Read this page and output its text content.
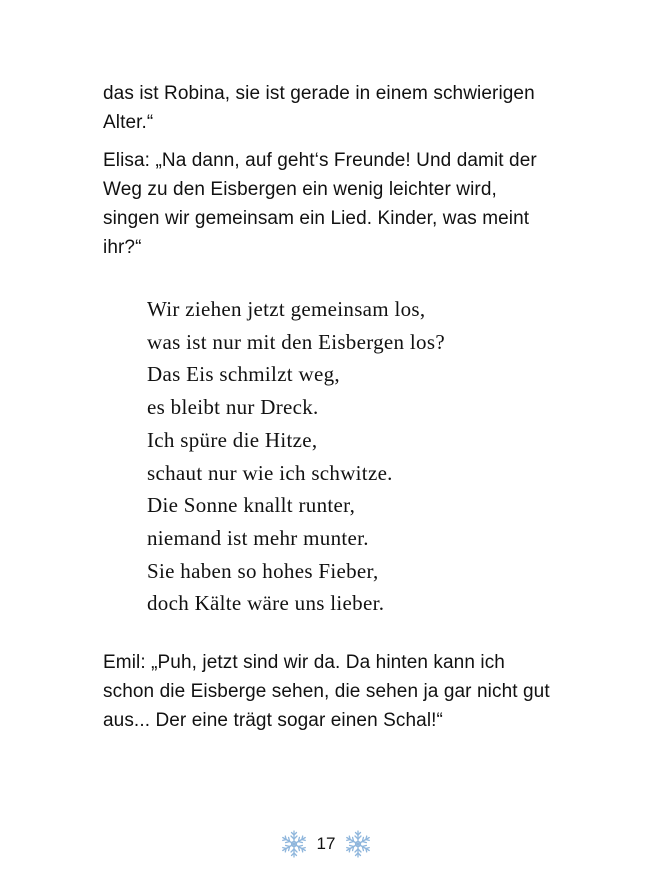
das ist Robina, sie ist gerade in einem schwierigen
Alter.“
Elisa: „Na dann, auf geht‘s Freunde! Und damit der
Weg zu den Eisbergen ein wenig leichter wird,
singen wir gemeinsam ein Lied. Kinder, was meint
ihr?“
Wir ziehen jetzt gemeinsam los,
was ist nur mit den Eisbergen los?
Das Eis schmilzt weg,
es bleibt nur Dreck.
Ich spüre die Hitze,
schaut nur wie ich schwitze.
Die Sonne knallt runter,
niemand ist mehr munter.
Sie haben so hohes Fieber,
doch Kälte wäre uns lieber.
Emil: „Puh, jetzt sind wir da. Da hinten kann ich
schon die Eisberge sehen, die sehen ja gar nicht gut
aus... Der eine trägt sogar einen Schal!“
17
